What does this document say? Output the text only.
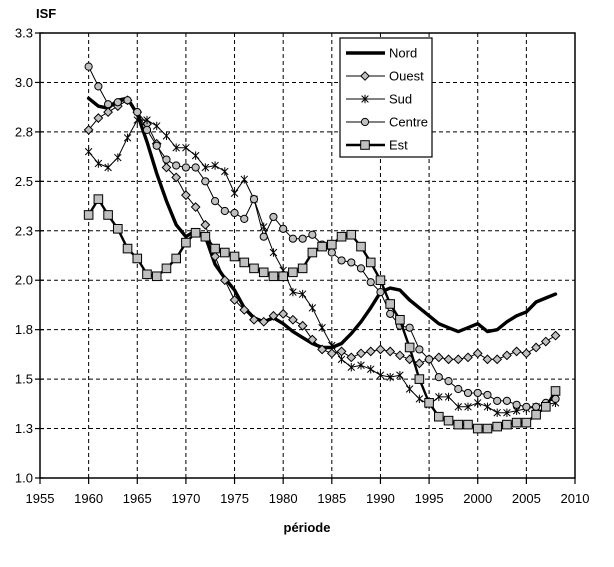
ISF
1.0
1.3
1.5
1.8
2.0
2.3
2.5
2.8
3.0
3.3
1955 1960 1965 1970 1975 1980 1985 1990 1995 2000 2005 2010
Nord
Ouest
Sud
Centre
Est
période
